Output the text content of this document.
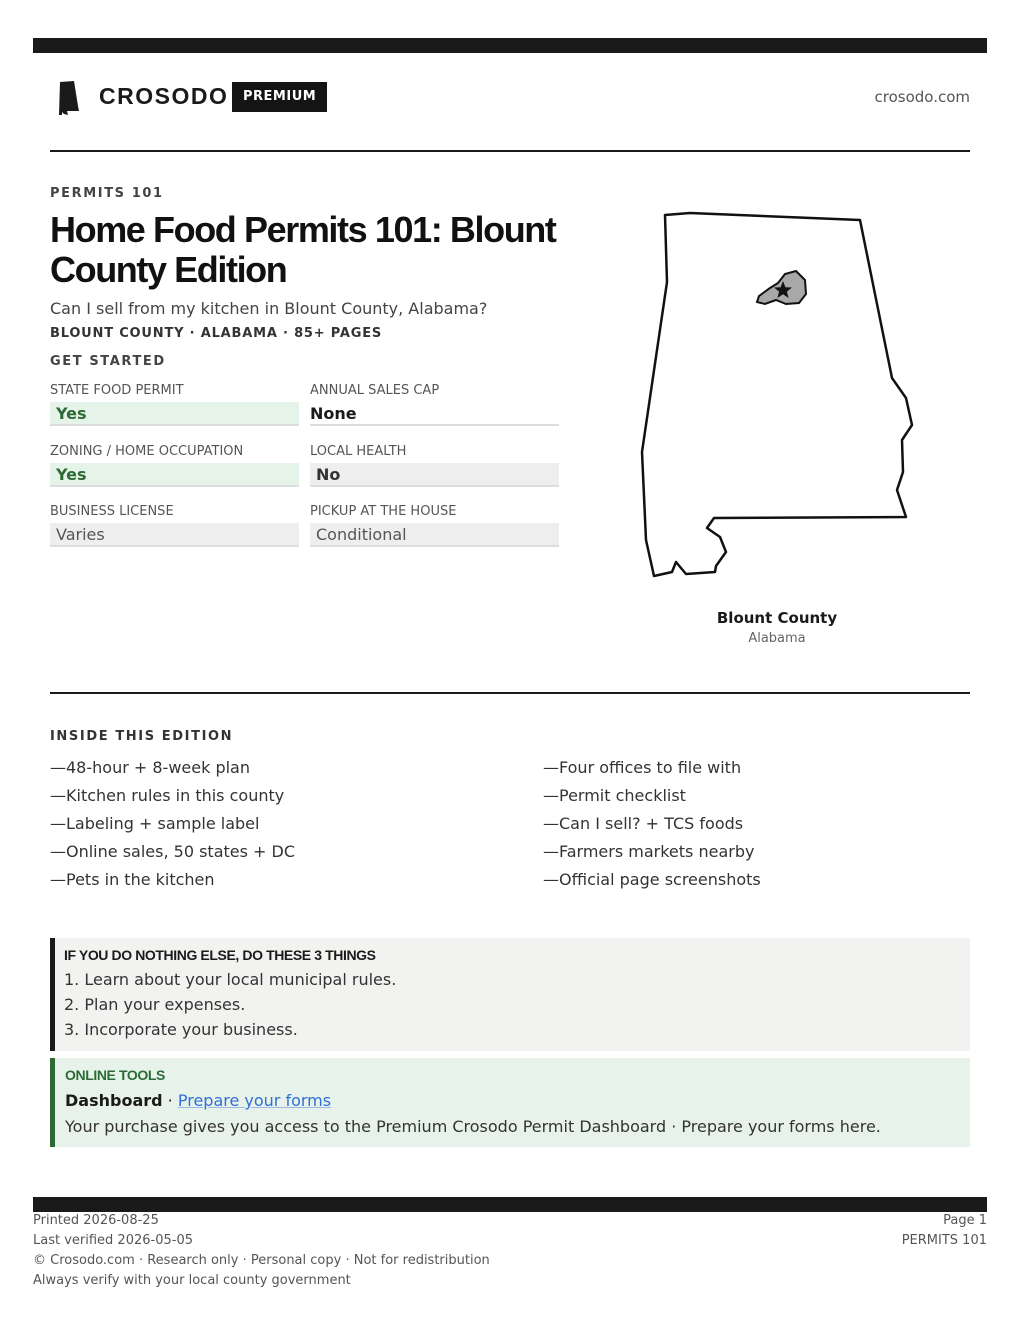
CROSODO	PREMIUM	crosodo.com
PERMITS 101
Home Food Permits 101: Blount County Edition
Can I sell from my kitchen in Blount County, Alabama?
BLOUNT COUNTY · ALABAMA · 85+ PAGES
GET STARTED
STATE FOOD PERMIT
Yes
ANNUAL SALES CAP
None
ZONING / HOME OCCUPATION
Yes
LOCAL HEALTH
No
BUSINESS LICENSE
Varies
PICKUP AT THE HOUSE
Conditional
Blount County
Alabama
INSIDE THIS EDITION
—48-hour + 8-week plan
—Kitchen rules in this county
—Labeling + sample label
—Online sales, 50 states + DC
—Pets in the kitchen
—Four offices to file with
—Permit checklist
—Can I sell? + TCS foods
—Farmers markets nearby
—Official page screenshots
IF YOU DO NOTHING ELSE, DO THESE 3 THINGS
1. Learn about your local municipal rules.
2. Plan your expenses.
3. Incorporate your business.
ONLINE TOOLS
Dashboard · Prepare your forms
Your purchase gives you access to the Premium Crosodo Permit Dashboard · Prepare your forms here.
Printed 2026-08-25
Last verified 2026-05-05
© Crosodo.com · Research only · Personal copy · Not for redistribution
Always verify with your local county government
Page 1
PERMITS 101
